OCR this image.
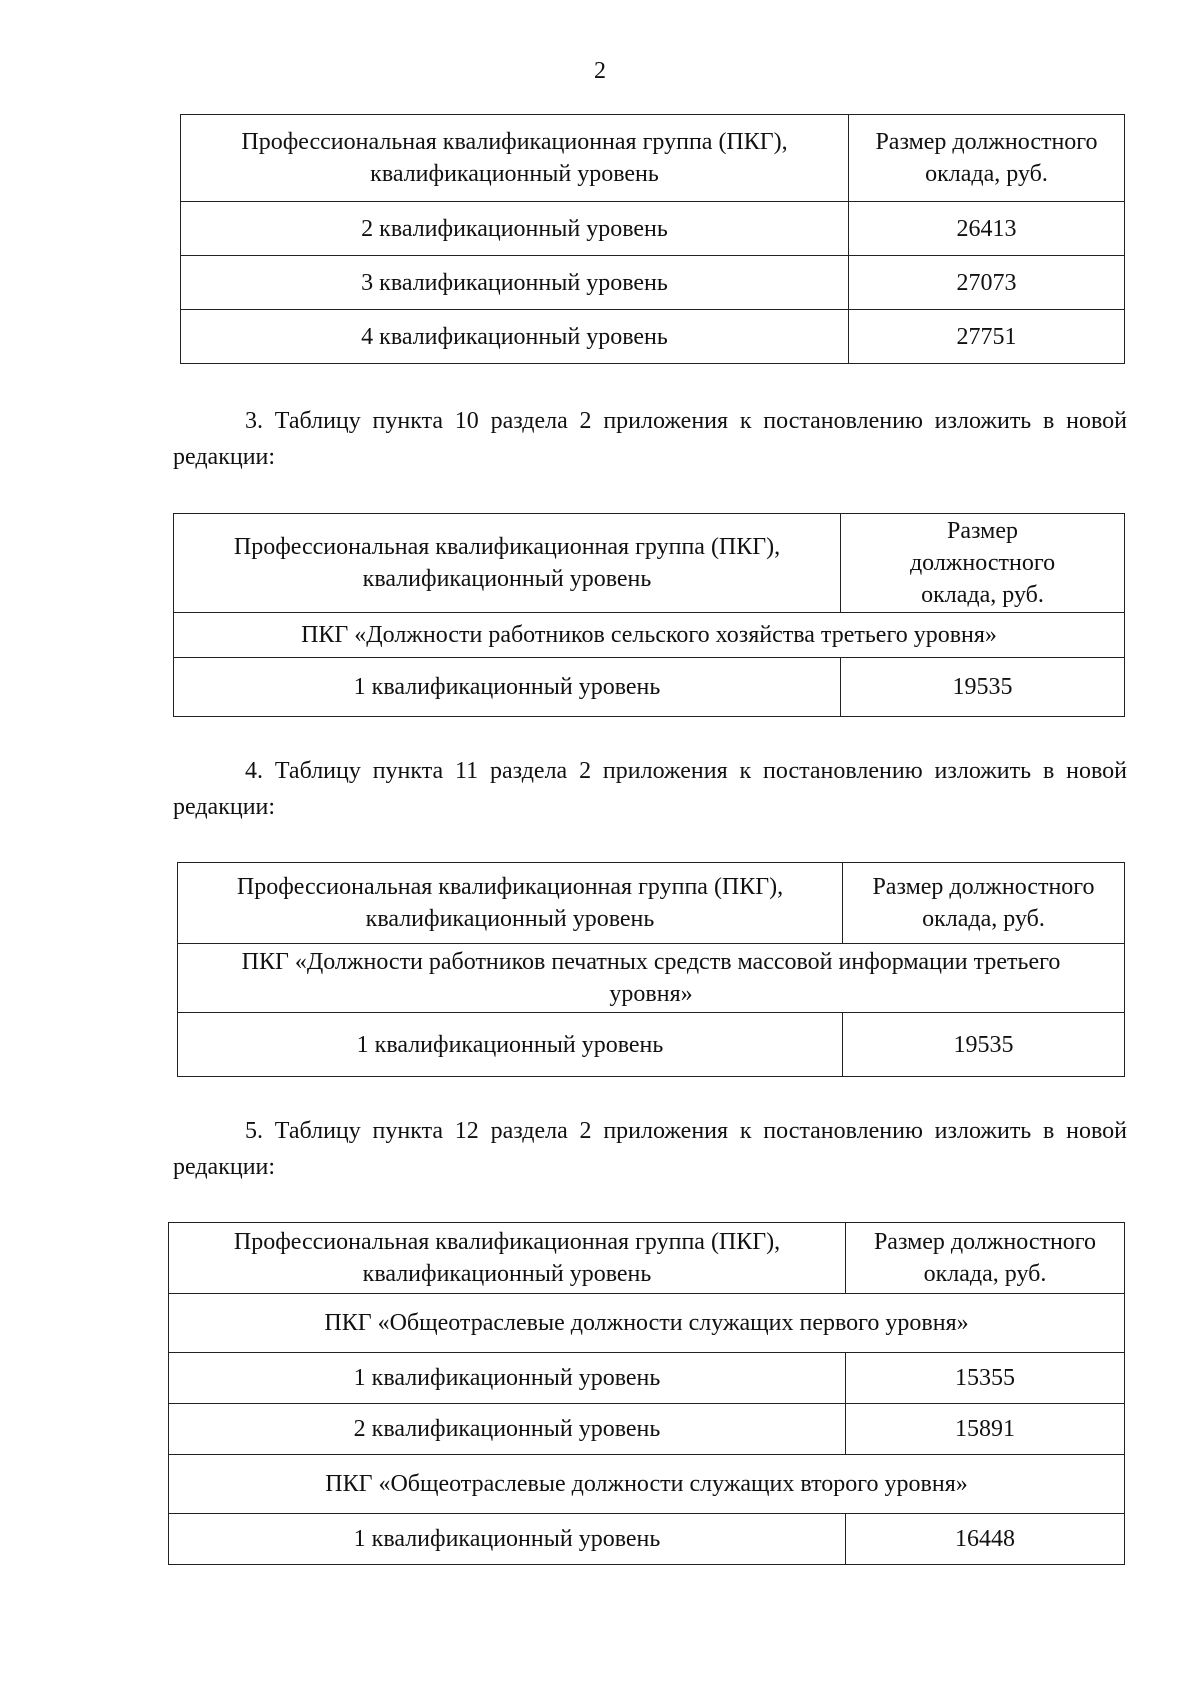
2
Профессиональная квалификационная группа (ПКГ), квалификационный уровень	Размер должностного оклада, руб.
2 квалификационный уровень	26413
3 квалификационный уровень	27073
4 квалификационный уровень	27751
3. Таблицу пункта 10 раздела 2 приложения к постановлению изложить в новой редакции:
Профессиональная квалификационная группа (ПКГ), квалификационный уровень	Размер должностного оклада, руб.
ПКГ «Должности работников сельского хозяйства третьего уровня»	
1 квалификационный уровень	19535
4. Таблицу пункта 11 раздела 2 приложения к постановлению изложить в новой редакции:
Профессиональная квалификационная группа (ПКГ), квалификационный уровень	Размер должностного оклада, руб.
ПКГ «Должности работников печатных средств массовой информации третьего уровня»	
1 квалификационный уровень	19535
5. Таблицу пункта 12 раздела 2 приложения к постановлению изложить в новой редакции:
Профессиональная квалификационная группа (ПКГ), квалификационный уровень	Размер должностного оклада, руб.
ПКГ «Общеотраслевые должности служащих первого уровня»	
1 квалификационный уровень	15355
2 квалификационный уровень	15891
ПКГ «Общеотраслевые должности служащих второго уровня»	
1 квалификационный уровень	16448
